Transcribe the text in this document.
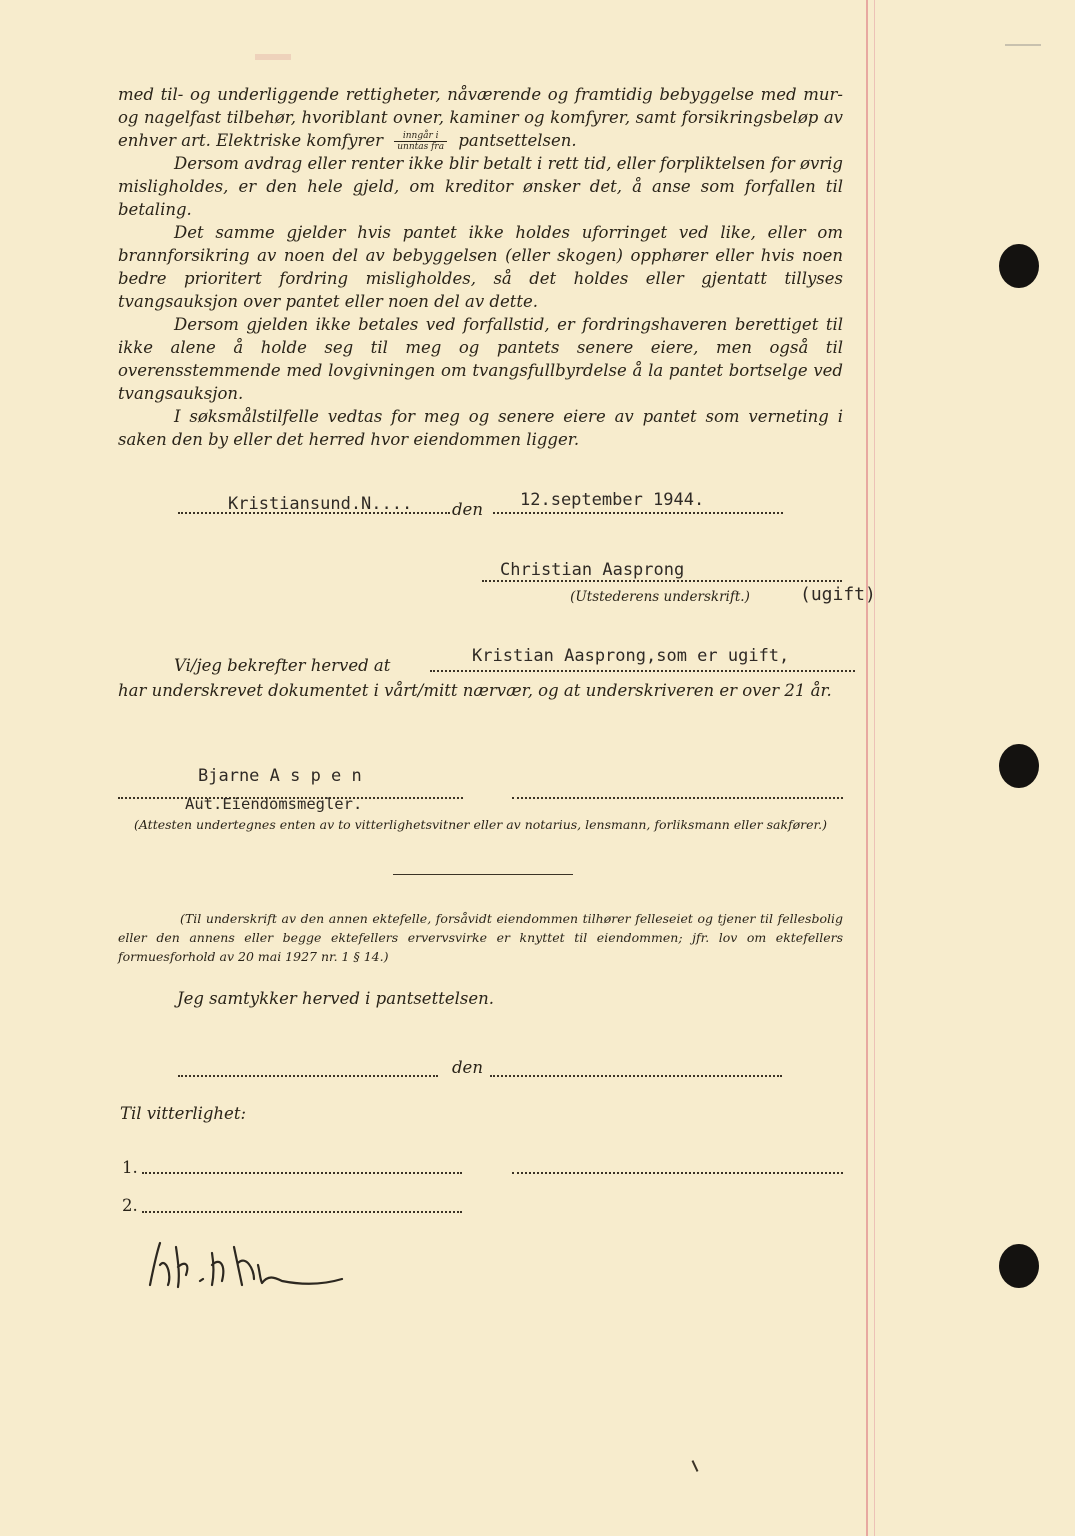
med til- og underliggende rettigheter, nåværende og framtidig bebyggelse med mur- og nagelfast tilbehør, hvoriblant ovner, kaminer og komfyrer, samt forsikringsbeløp av enhver art. Elektriske komfyrer $\frac{\text{inngår i}}{\text{unntas fra}}$ pantsettelsen.

Dersom avdrag eller renter ikke blir betalt i rett tid, eller forpliktelsen for øvrig misligholdes, er den hele gjeld, om kreditor ønsker det, å anse som forfallen til betaling.

Det samme gjelder hvis pantet ikke holdes uforringet ved like, eller om brannforsikring av noen del av bebyggelsen (eller skogen) opphører eller hvis noen bedre prioritert fordring misligholdes, så det holdes eller gjentatt tillyses tvangsauksjon over pantet eller noen del av dette.

Dersom gjelden ikke betales ved forfallstid, er fordringshaveren berettiget til ikke alene å holde seg til meg og pantets senere eiere, men også til overensstemmende med lovgivningen om tvangsfullbyrdelse å la pantet bortselge ved tvangsauksjon.

I søksmålstilfelle vedtas for meg og senere eiere av pantet som verneting i saken den by eller det herred hvor eiendommen ligger.

Kristiansund.N.... den 12.september 1944.
Christian Aasprong
(Utstederens underskrift.)	(ugift)
Vi/jeg bekrefter herved at	Kristian Aasprong,som er ugift,

har underskrevet dokumentet i vårt/mitt nærvær, og at underskriveren er over 21 år.

Bjarne A s p e n
Aut.Eiendomsmegler.
(Attesten undertegnes enten av to vitterlighetsvitner eller av notarius, lensmann, forliksmann eller sakfører.)

(Til underskrift av den annen ektefelle, forsåvidt eiendommen tilhører felleseiet og tjener til fellesbolig eller den annens eller begge ektefellers ervervsvirke er knyttet til eiendommen; jfr. lov om ektefellers formuesforhold av 20 mai 1927 nr. 1 § 14.)

Jeg samtykker herved i pantsettelsen.
den
Til vitterlighet:
1.
2.
